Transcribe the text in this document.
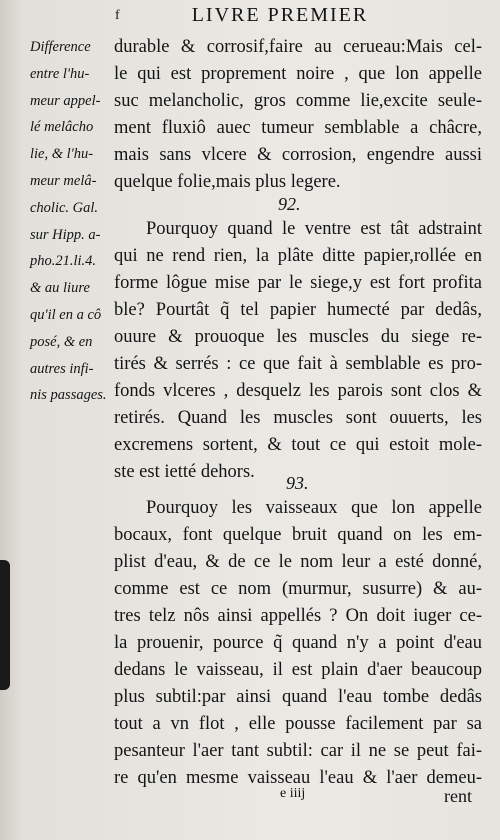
f	LIVRE PREMIER
Difference
entre l'hu-
meur appel-
lé melâcho
lie, & l'hu-
meur melâ-
cholic. Gal.
sur Hipp. a-
pho.21.li.4.
& au liure
qu'il en a cô
posé, & en
autres infi-
nis passages.
durable & corrosif,faire au cerueau:Mais cel-
le qui est proprement noire , que lon appelle
suc melancholic, gros comme lie,excite seule-
ment fluxiô auec tumeur semblable a châcre,
mais sans vlcere & corrosion, engendre aussi
quelque folie,mais plus legere.
92.
Pourquoy quand le ventre est tât adstraint
qui ne rend rien, la plâte ditte papier,rollée en
forme lôgue mise par le siege,y est fort profita
ble? Pourtât q̃ tel papier humecté par dedâs,
ouure & prouoque les muscles du siege re-
tirés & serrés : ce que fait à semblable es pro-
fonds vlceres , desquelz les parois sont clos &
retirés. Quand les muscles sont ouuerts, les
excremens sortent, & tout ce qui estoit mole-
ste est ietté dehors.
93.
Pourquoy les vaisseaux que lon appelle
bocaux, font quelque bruit quand on les em-
plist d'eau, & de ce le nom leur a esté donné,
comme est ce nom (murmur, susurre) & au-
tres telz nôs ainsi appellés ? On doit iuger ce-
la prouenir, pource q̃ quand n'y a point d'eau
dedans le vaisseau, il est plain d'aer beaucoup
plus subtil:par ainsi quand l'eau tombe dedâs
tout a vn flot , elle pousse facilement par sa
pesanteur l'aer tant subtil: car il ne se peut fai-
re qu'en mesme vaisseau l'eau & l'aer demeu-
e iiij	rent
